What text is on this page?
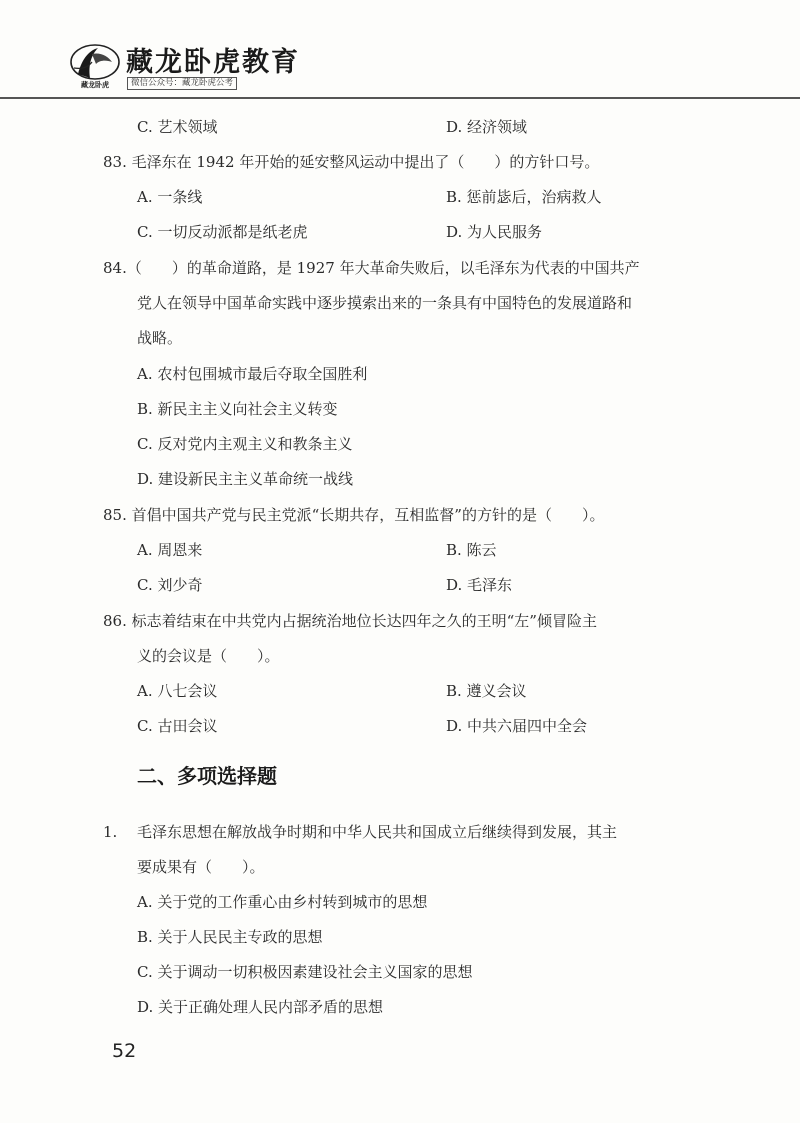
藏龙卧虎
藏龙卧虎教育
微信公众号：藏龙卧虎公考
C. 艺术领域	D. 经济领域
83. 毛泽东在 1942 年开始的延安整风运动中提出了（　　）的方针口号。
A. 一条线	B. 惩前毖后，治病救人
C. 一切反动派都是纸老虎	D. 为人民服务
84.（　　）的革命道路，是 1927 年大革命失败后，以毛泽东为代表的中国共产
党人在领导中国革命实践中逐步摸索出来的一条具有中国特色的发展道路和
战略。
A. 农村包围城市最后夺取全国胜利
B. 新民主主义向社会主义转变
C. 反对党内主观主义和教条主义
D. 建设新民主主义革命统一战线
85. 首倡中国共产党与民主党派“长期共存，互相监督”的方针的是（　　）。
A. 周恩来	B. 陈云
C. 刘少奇	D. 毛泽东
86. 标志着结束在中共党内占据统治地位长达四年之久的王明“左”倾冒险主
义的会议是（　　）。
A. 八七会议	B. 遵义会议
C. 古田会议	D. 中共六届四中全会
二、多项选择题
1. 毛泽东思想在解放战争时期和中华人民共和国成立后继续得到发展，其主
要成果有（　　）。
A. 关于党的工作重心由乡村转到城市的思想
B. 关于人民民主专政的思想
C. 关于调动一切积极因素建设社会主义国家的思想
D. 关于正确处理人民内部矛盾的思想
52
